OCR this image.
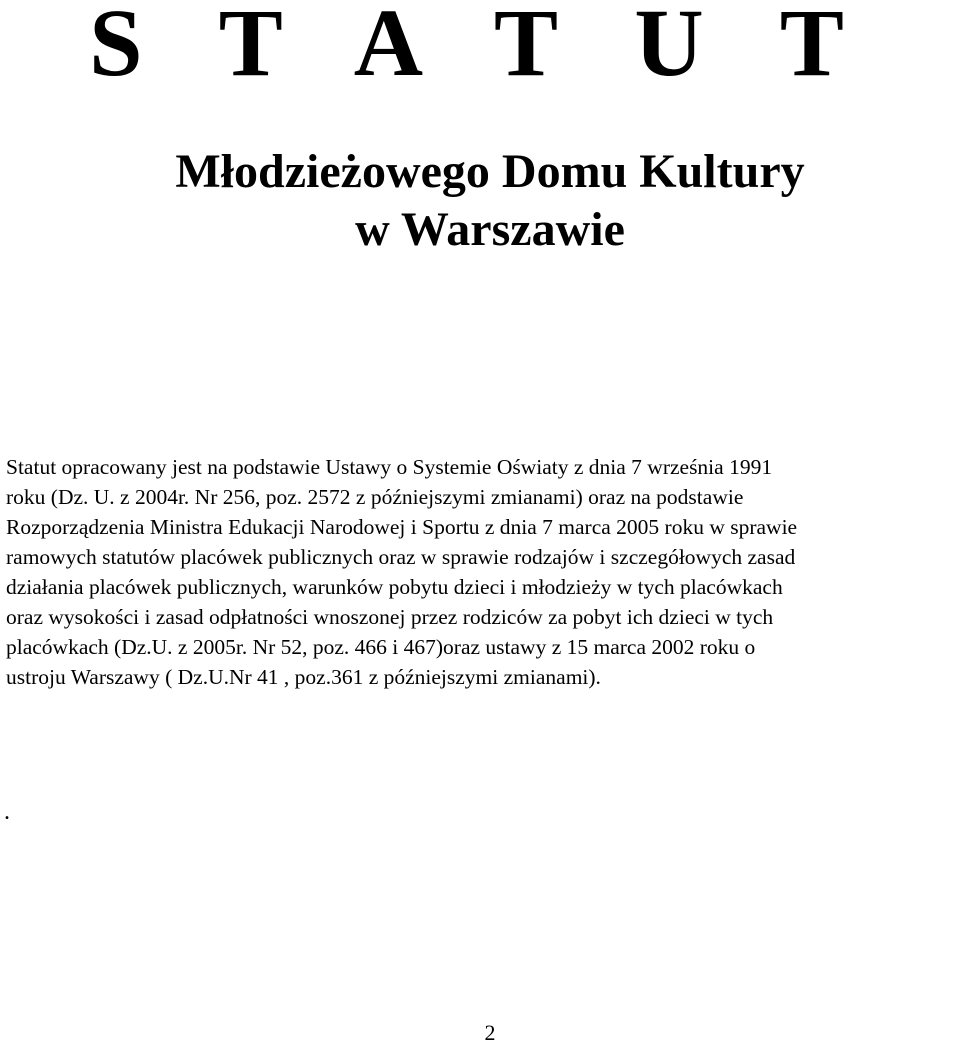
S T A T U T
Młodzieżowego Domu Kultury
w Warszawie

Statut opracowany jest na podstawie Ustawy o Systemie Oświaty z dnia 7 września 1991
roku (Dz. U. z 2004r. Nr 256, poz. 2572 z późniejszymi zmianami) oraz na podstawie
Rozporządzenia Ministra Edukacji Narodowej i Sportu z dnia 7 marca 2005 roku w sprawie
ramowych statutów placówek publicznych oraz w sprawie rodzajów i szczegółowych zasad
działania placówek publicznych, warunków pobytu dzieci i młodzieży w tych placówkach
oraz wysokości i zasad odpłatności wnoszonej przez rodziców za pobyt ich dzieci w tych
placówkach (Dz.U. z 2005r. Nr 52, poz. 466 i 467)oraz ustawy z 15 marca 2002 roku o
ustroju Warszawy ( Dz.U.Nr 41 , poz.361 z późniejszymi zmianami).

.
2
